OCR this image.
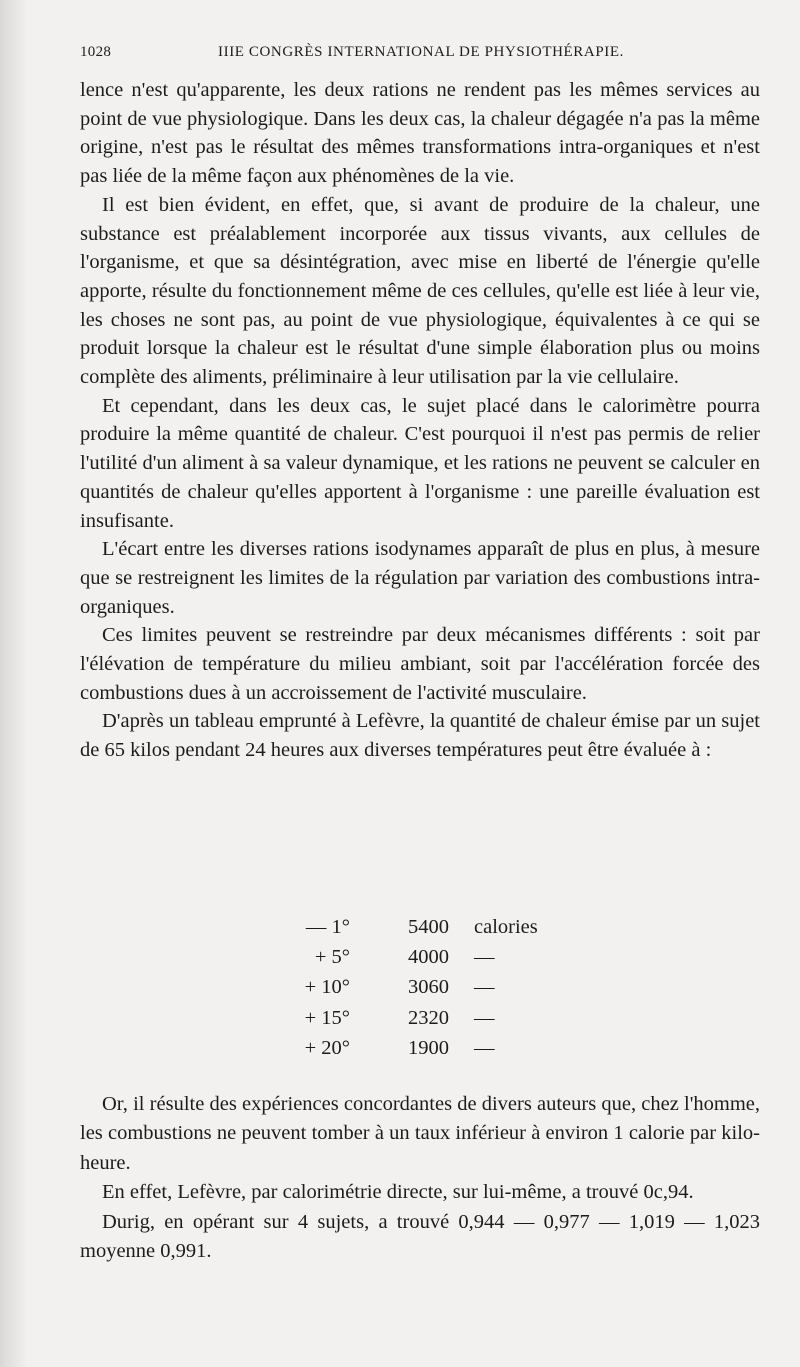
1028	IIIE CONGRÈS INTERNATIONAL DE PHYSIOTHÉRAPIE.

lence n'est qu'apparente, les deux rations ne rendent pas les mêmes services au point de vue physiologique. Dans les deux cas, la chaleur dégagée n'a pas la même origine, n'est pas le résultat des mêmes transformations intra-organiques et n'est pas liée de la même façon aux phénomènes de la vie.

Il est bien évident, en effet, que, si avant de produire de la chaleur, une substance est préalablement incorporée aux tissus vivants, aux cellules de l'organisme, et que sa désintégration, avec mise en liberté de l'énergie qu'elle apporte, résulte du fonctionnement même de ces cellules, qu'elle est liée à leur vie, les choses ne sont pas, au point de vue physiologique, équivalentes à ce qui se produit lorsque la chaleur est le résultat d'une simple élaboration plus ou moins complète des aliments, préliminaire à leur utilisation par la vie cellulaire.

Et cependant, dans les deux cas, le sujet placé dans le calorimètre pourra produire la même quantité de chaleur. C'est pourquoi il n'est pas permis de relier l'utilité d'un aliment à sa valeur dynamique, et les rations ne peuvent se calculer en quantités de chaleur qu'elles apportent à l'organisme : une pareille évaluation est insufisante.

L'écart entre les diverses rations isodynames apparaît de plus en plus, à mesure que se restreignent les limites de la régulation par variation des combustions intra-organiques.

Ces limites peuvent se restreindre par deux mécanismes différents : soit par l'élévation de température du milieu ambiant, soit par l'accélération forcée des combustions dues à un accroissement de l'activité musculaire.

D'après un tableau emprunté à Lefèvre, la quantité de chaleur émise par un sujet de 65 kilos pendant 24 heures aux diverses températures peut être évaluée à :

— 1°	5400 calories
+ 5°	4000 —
+ 10°	3060 —
+ 15°	2320 —
+ 20°	1900 —

Or, il résulte des expériences concordantes de divers auteurs que, chez l'homme, les combustions ne peuvent tomber à un taux inférieur à environ 1 calorie par kilo-heure.

En effet, Lefèvre, par calorimétrie directe, sur lui-même, a trouvé 0c,94.

Durig, en opérant sur 4 sujets, a trouvé 0,944 — 0,977 — 1,019 — 1,023 moyenne 0,991.
